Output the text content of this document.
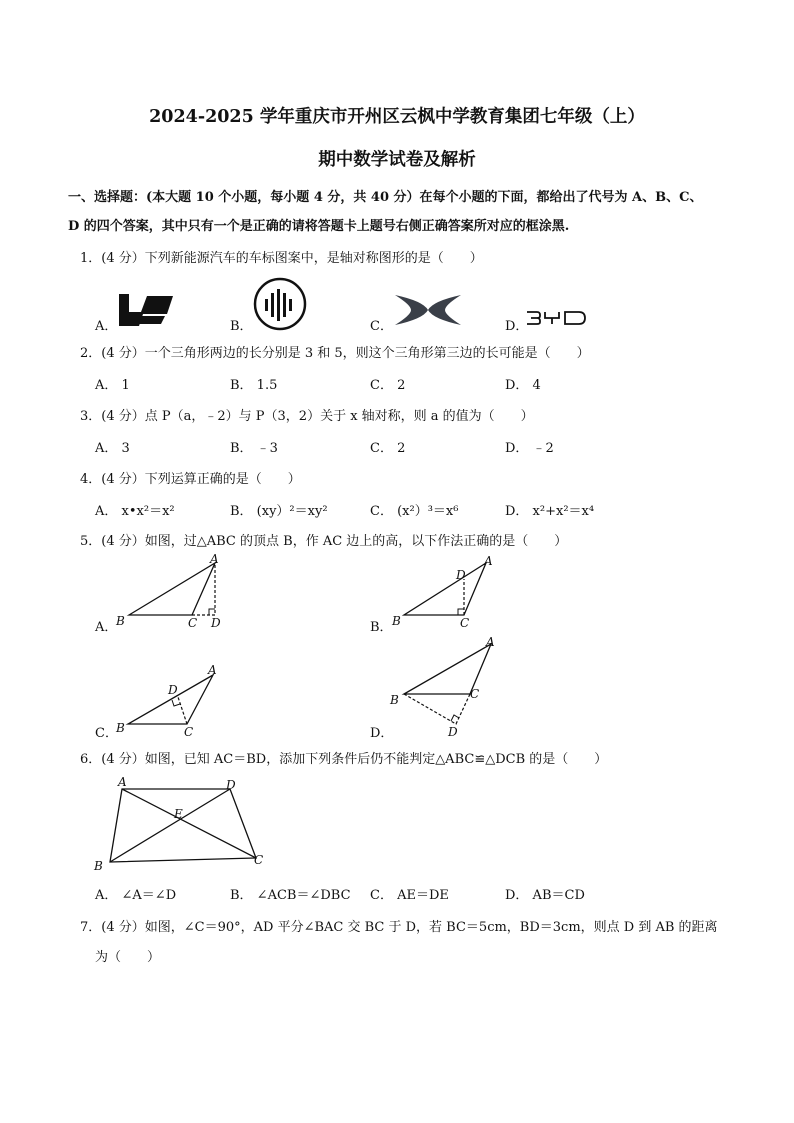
2024-2025 学年重庆市开州区云枫中学教育集团七年级（上）
期中数学试卷及解析
一、选择题：(本大题 10 个小题，每小题 4 分，共 40 分）在每个小题的下面，都给出了代号为 A、B、C、
D 的四个答案，其中只有一个是正确的请将答题卡上题号右侧正确答案所对应的框涂黑.
1．(4 分）下列新能源汽车的车标图案中，是轴对称图形的是（　　）
A．	B．	C．	D．
2．(4 分）一个三角形两边的长分别是 3 和 5，则这个三角形第三边的长可能是（　　）
A． 1	B． 1.5	C． 2	D． 4
3．(4 分）点 P（a，﹣2）与 P（3，2）关于 x 轴对称，则 a 的值为（　　）
A． 3	B． ﹣3	C． 2	D． ﹣2
4．(4 分）下列运算正确的是（　　）
A． x•x²＝x²	B． (xy）²＝xy²	C． (x²）³＝x⁶	D． x²+x²＝x⁴
5．(4 分）如图，过△ABC 的顶点 B，作 AC 边上的高，以下作法正确的是（　　）
A．	B．
C．	D．
B	C D
A
B	C
D
A
B	C
D
A
B	C
D
A
6．(4 分）如图，已知 AC＝BD，添加下列条件后仍不能判定△ABC≌△DCB 的是（　　）
A	D
E
B	C
A． ∠A＝∠D	B． ∠ACB＝∠DBC C． AE＝DE	D． AB＝CD
7．(4 分）如图，∠C＝90°，AD 平分∠BAC 交 BC 于 D，若 BC＝5cm，BD＝3cm，则点 D 到 AB 的距离
为（　　）
